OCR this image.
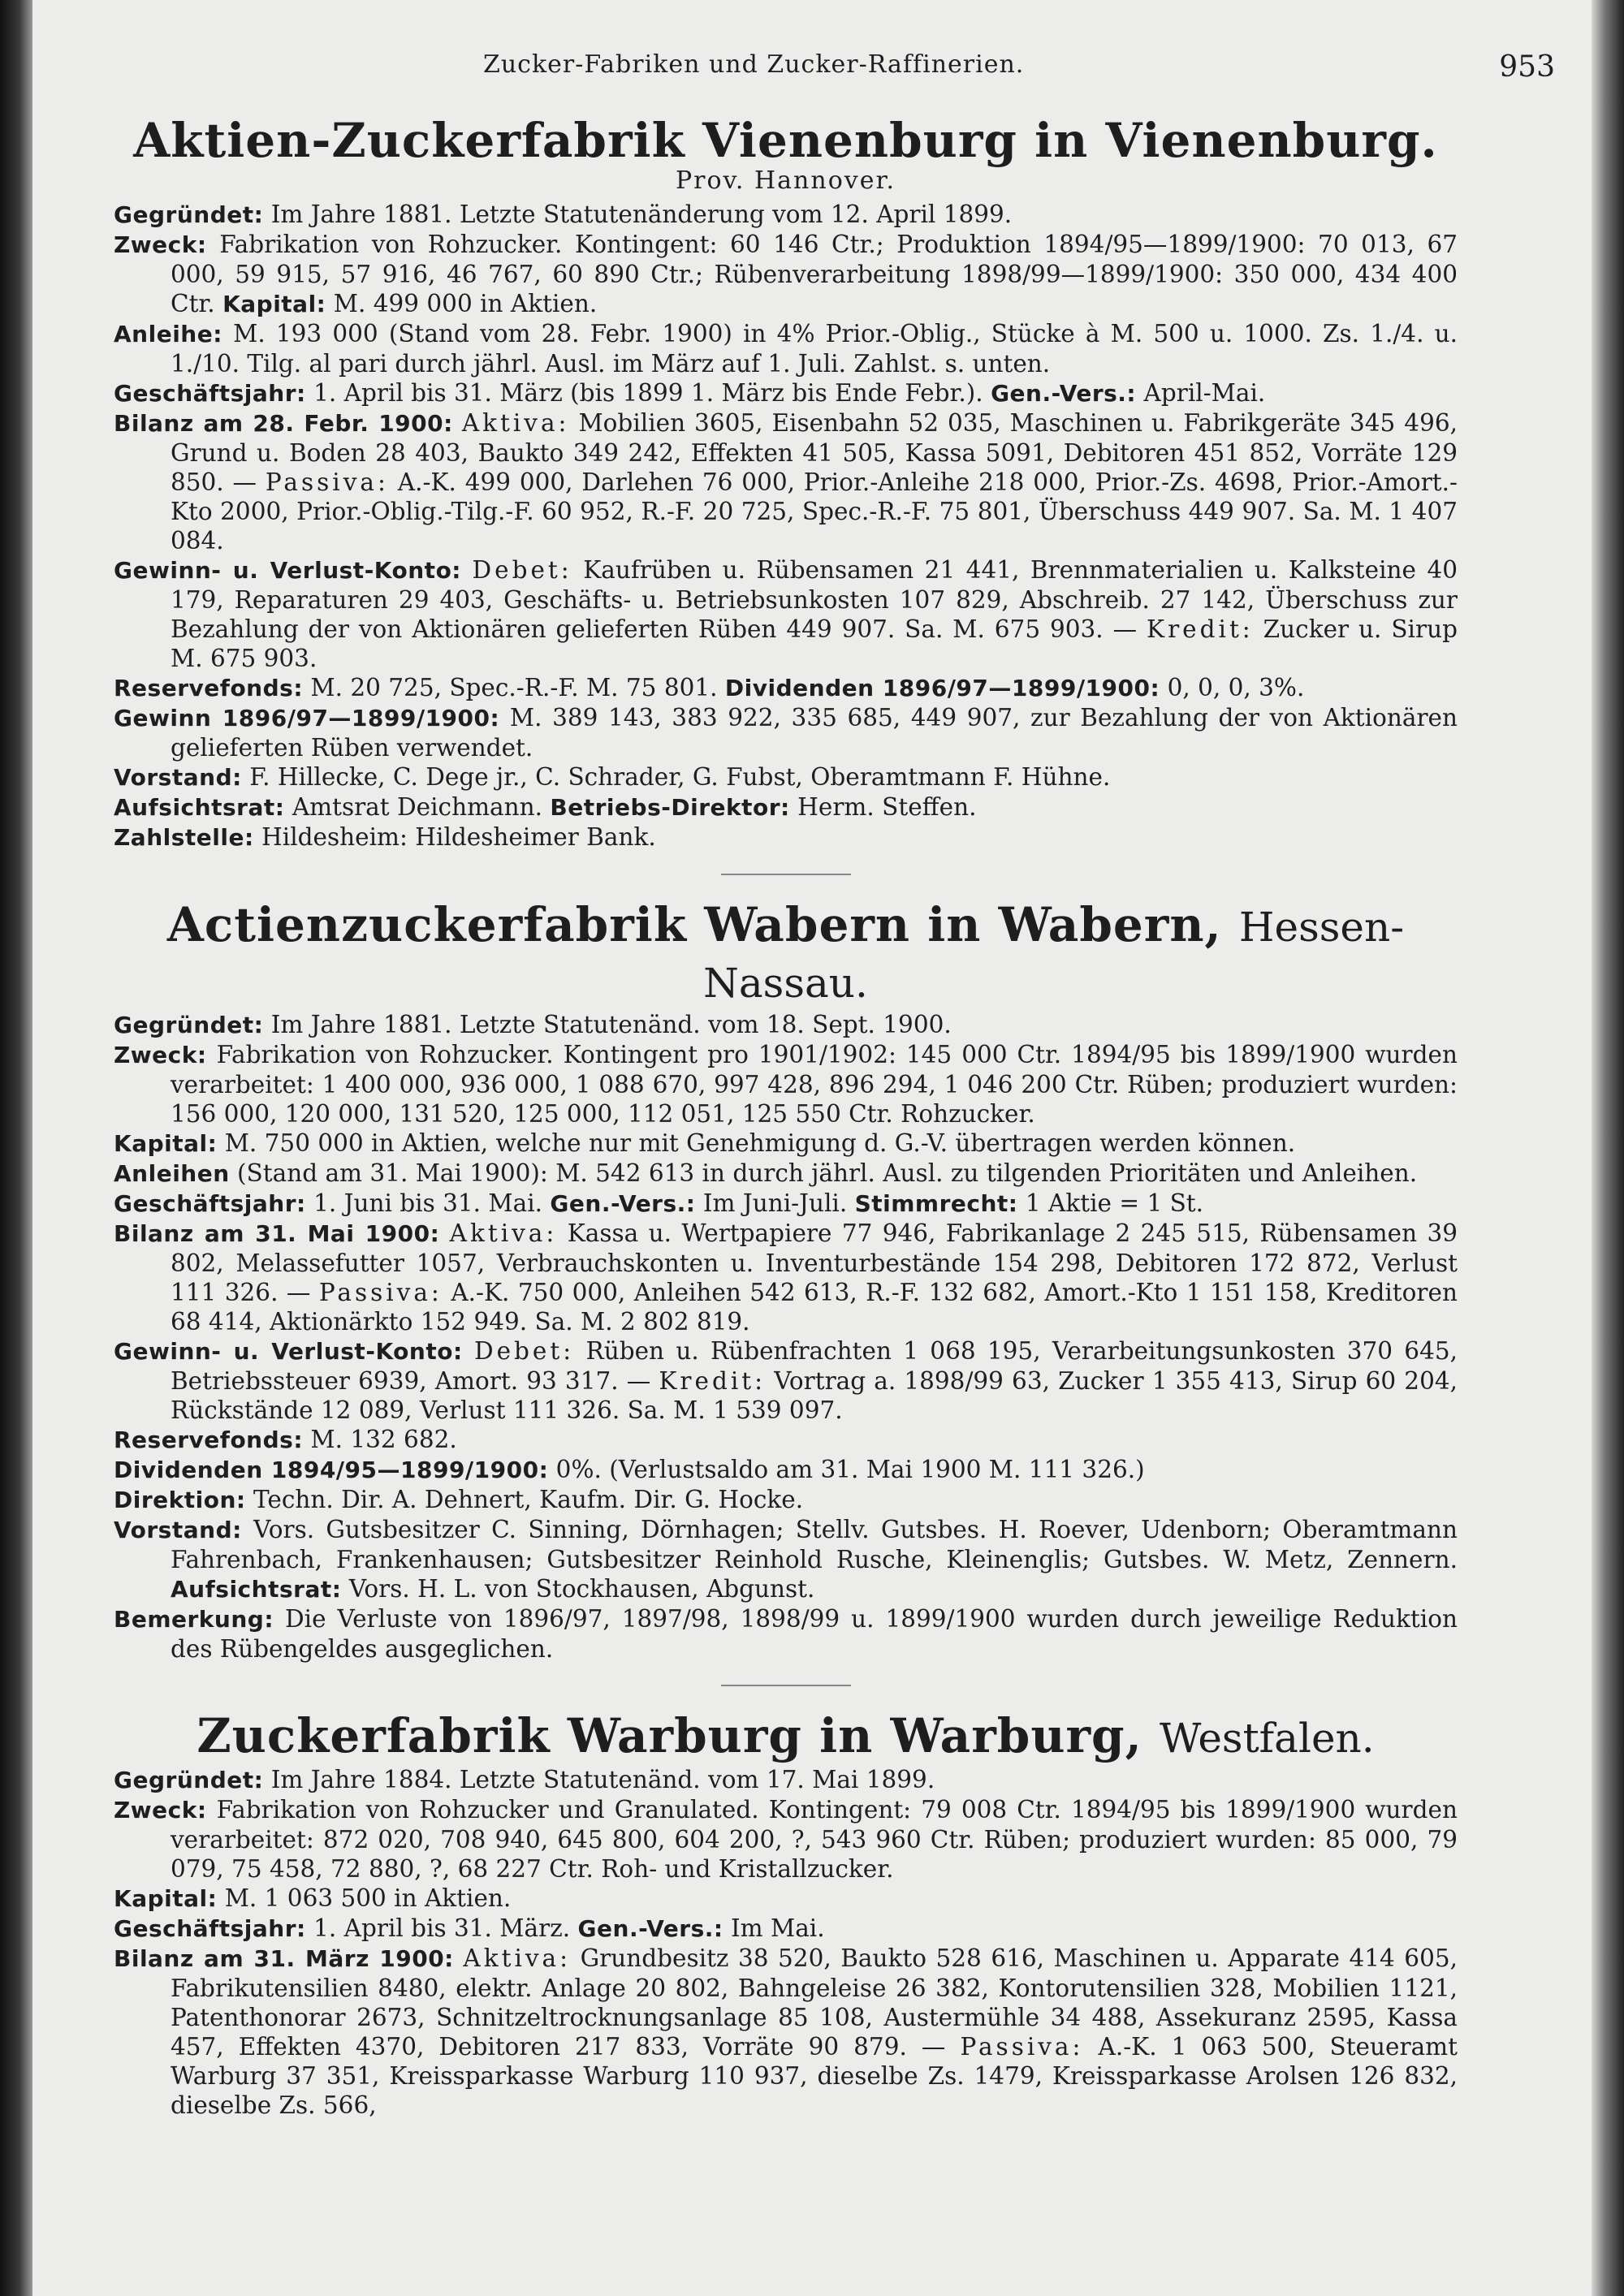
Zucker-Fabriken und Zucker-Raffinerien.	953
Aktien-Zuckerfabrik Vienenburg in Vienenburg.

Prov. Hannover.

Gegründet: Im Jahre 1881. Letzte Statutenänderung vom 12. April 1899.

Zweck: Fabrikation von Rohzucker. Kontingent: 60 146 Ctr.; Produktion 1894/95—1899/1900: 70 013, 67 000, 59 915, 57 916, 46 767, 60 890 Ctr.; Rübenverarbeitung 1898/99—1899/1900: 350 000, 434 400 Ctr. Kapital: M. 499 000 in Aktien.

Anleihe: M. 193 000 (Stand vom 28. Febr. 1900) in 4% Prior.-Oblig., Stücke à M. 500 u. 1000. Zs. 1./4. u. 1./10. Tilg. al pari durch jährl. Ausl. im März auf 1. Juli. Zahlst. s. unten.

Geschäftsjahr: 1. April bis 31. März (bis 1899 1. März bis Ende Febr.). Gen.-Vers.: April-Mai.

Bilanz am 28. Febr. 1900: Aktiva: Mobilien 3605, Eisenbahn 52 035, Maschinen u. Fabrikgeräte 345 496, Grund u. Boden 28 403, Baukto 349 242, Effekten 41 505, Kassa 5091, Debitoren 451 852, Vorräte 129 850. — Passiva: A.-K. 499 000, Darlehen 76 000, Prior.-Anleihe 218 000, Prior.-Zs. 4698, Prior.-Amort.-Kto 2000, Prior.-Oblig.-Tilg.-F. 60 952, R.-F. 20 725, Spec.-R.-F. 75 801, Überschuss 449 907. Sa. M. 1 407 084.

Gewinn- u. Verlust-Konto: Debet: Kaufrüben u. Rübensamen 21 441, Brennmaterialien u. Kalksteine 40 179, Reparaturen 29 403, Geschäfts- u. Betriebsunkosten 107 829, Abschreib. 27 142, Überschuss zur Bezahlung der von Aktionären gelieferten Rüben 449 907. Sa. M. 675 903. — Kredit: Zucker u. Sirup M. 675 903.

Reservefonds: M. 20 725, Spec.-R.-F. M. 75 801. Dividenden 1896/97—1899/1900: 0, 0, 0, 3%.

Gewinn 1896/97—1899/1900: M. 389 143, 383 922, 335 685, 449 907, zur Bezahlung der von Aktionären gelieferten Rüben verwendet.

Vorstand: F. Hillecke, C. Dege jr., C. Schrader, G. Fubst, Oberamtmann F. Hühne.

Aufsichtsrat: Amtsrat Deichmann. Betriebs-Direktor: Herm. Steffen.

Zahlstelle: Hildesheim: Hildesheimer Bank.

Actienzuckerfabrik Wabern in Wabern, Hessen-Nassau.

Gegründet: Im Jahre 1881. Letzte Statutenänd. vom 18. Sept. 1900.

Zweck: Fabrikation von Rohzucker. Kontingent pro 1901/1902: 145 000 Ctr. 1894/95 bis 1899/1900 wurden verarbeitet: 1 400 000, 936 000, 1 088 670, 997 428, 896 294, 1 046 200 Ctr. Rüben; produziert wurden: 156 000, 120 000, 131 520, 125 000, 112 051, 125 550 Ctr. Rohzucker.

Kapital: M. 750 000 in Aktien, welche nur mit Genehmigung d. G.-V. übertragen werden können.

Anleihen (Stand am 31. Mai 1900): M. 542 613 in durch jährl. Ausl. zu tilgenden Prioritäten und Anleihen.

Geschäftsjahr: 1. Juni bis 31. Mai. Gen.-Vers.: Im Juni-Juli. Stimmrecht: 1 Aktie = 1 St.

Bilanz am 31. Mai 1900: Aktiva: Kassa u. Wertpapiere 77 946, Fabrikanlage 2 245 515, Rübensamen 39 802, Melassefutter 1057, Verbrauchskonten u. Inventurbestände 154 298, Debitoren 172 872, Verlust 111 326. — Passiva: A.-K. 750 000, Anleihen 542 613, R.-F. 132 682, Amort.-Kto 1 151 158, Kreditoren 68 414, Aktionärkto 152 949. Sa. M. 2 802 819.

Gewinn- u. Verlust-Konto: Debet: Rüben u. Rübenfrachten 1 068 195, Verarbeitungsunkosten 370 645, Betriebssteuer 6939, Amort. 93 317. — Kredit: Vortrag a. 1898/99 63, Zucker 1 355 413, Sirup 60 204, Rückstände 12 089, Verlust 111 326. Sa. M. 1 539 097.

Reservefonds: M. 132 682.

Dividenden 1894/95—1899/1900: 0%. (Verlustsaldo am 31. Mai 1900 M. 111 326.)

Direktion: Techn. Dir. A. Dehnert, Kaufm. Dir. G. Hocke.

Vorstand: Vors. Gutsbesitzer C. Sinning, Dörnhagen; Stellv. Gutsbes. H. Roever, Udenborn; Oberamtmann Fahrenbach, Frankenhausen; Gutsbesitzer Reinhold Rusche, Kleinenglis; Gutsbes. W. Metz, Zennern. Aufsichtsrat: Vors. H. L. von Stockhausen, Abgunst.

Bemerkung: Die Verluste von 1896/97, 1897/98, 1898/99 u. 1899/1900 wurden durch jeweilige Reduktion des Rübengeldes ausgeglichen.

Zuckerfabrik Warburg in Warburg, Westfalen.

Gegründet: Im Jahre 1884. Letzte Statutenänd. vom 17. Mai 1899.

Zweck: Fabrikation von Rohzucker und Granulated. Kontingent: 79 008 Ctr. 1894/95 bis 1899/1900 wurden verarbeitet: 872 020, 708 940, 645 800, 604 200, ?, 543 960 Ctr. Rüben; produziert wurden: 85 000, 79 079, 75 458, 72 880, ?, 68 227 Ctr. Roh- und Kristallzucker.

Kapital: M. 1 063 500 in Aktien.

Geschäftsjahr: 1. April bis 31. März. Gen.-Vers.: Im Mai.

Bilanz am 31. März 1900: Aktiva: Grundbesitz 38 520, Baukto 528 616, Maschinen u. Apparate 414 605, Fabrikutensilien 8480, elektr. Anlage 20 802, Bahngeleise 26 382, Kontorutensilien 328, Mobilien 1121, Patenthonorar 2673, Schnitzeltrocknungsanlage 85 108, Austermühle 34 488, Assekuranz 2595, Kassa 457, Effekten 4370, Debitoren 217 833, Vorräte 90 879. — Passiva: A.-K. 1 063 500, Steueramt Warburg 37 351, Kreissparkasse Warburg 110 937, dieselbe Zs. 1479, Kreissparkasse Arolsen 126 832, dieselbe Zs. 566,
